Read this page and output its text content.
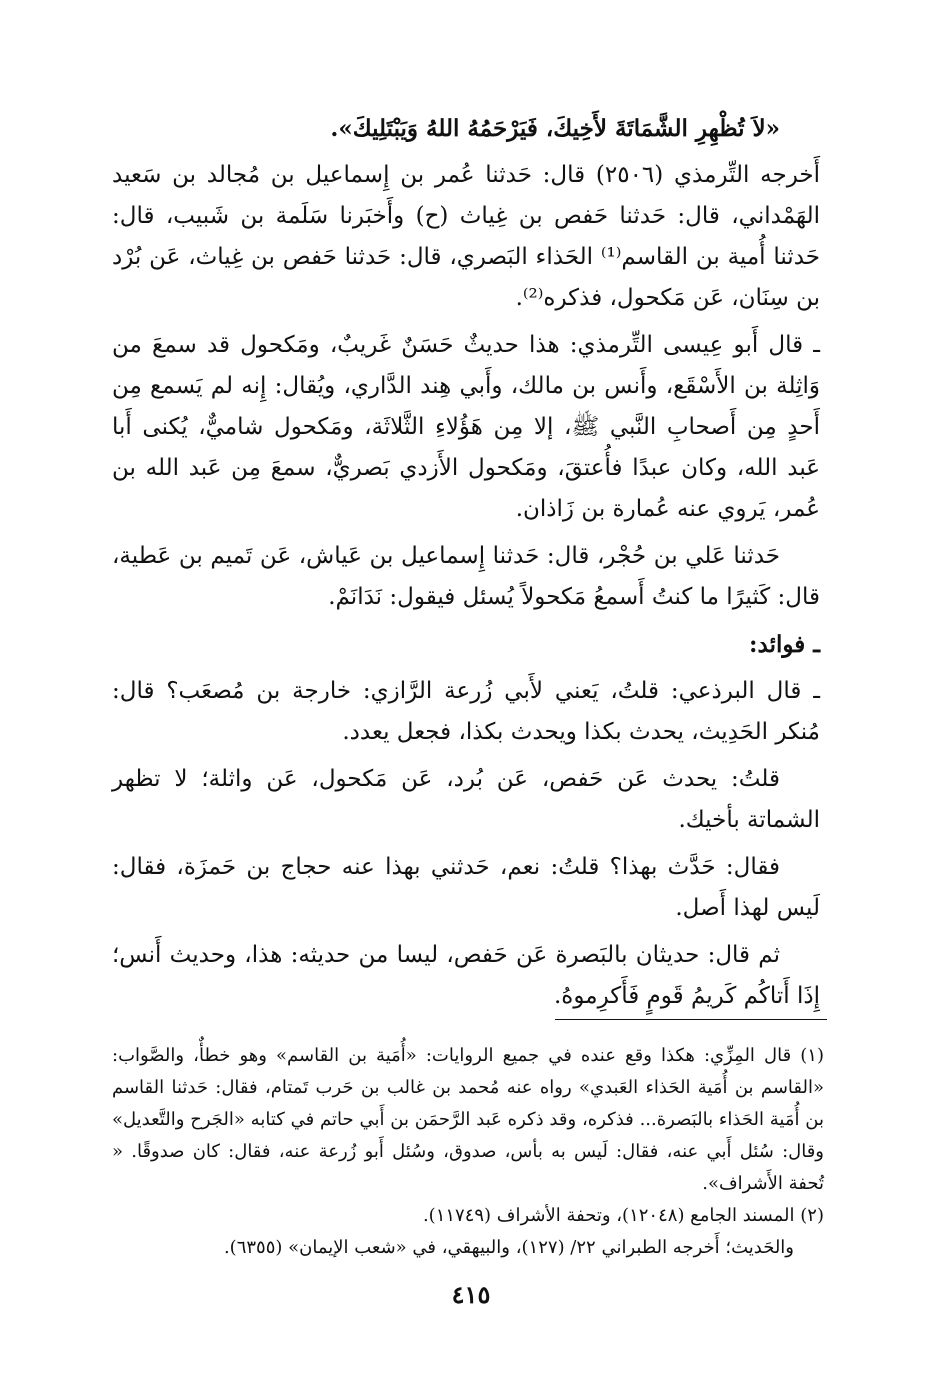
«لاَ تُظْهِرِ الشَّمَاتَةَ لأَخِيكَ، فَيَرْحَمُهُ اللهُ وَيَبْتَلِيكَ».

أَخرجه التِّرمذي (٢٥٠٦) قال: حَدثنا عُمر بن إِسماعيل بن مُجالد بن سَعيد الهَمْداني، قال: حَدثنا حَفص بن غِياث (ح) وأَخبَرنا سَلَمة بن شَبيب، قال: حَدثنا أُمية بن القاسم⁽¹⁾ الحَذاء البَصري، قال: حَدثنا حَفص بن غِياث، عَن بُرْد بن سِنَان، عَن مَكحول، فذكره⁽²⁾.

ـ قال أَبو عِيسى التِّرمذي: هذا حديثٌ حَسَنٌ غَريبٌ، ومَكحول قد سمعَ من وَاثِلة بن الأَسْقَع، وأَنس بن مالك، وأَبي هِند الدَّاري، ويُقال: إِنه لم يَسمع مِن أَحدٍ مِن أَصحابِ النَّبي ﷺ، إلا مِن هَؤُلاءِ الثَّلاثَة، ومَكحول شاميٌّ، يُكنى أَبا عَبد الله، وكان عبدًا فأُعتقَ، ومَكحول الأَزدي بَصريٌّ، سمعَ مِن عَبد الله بن عُمر، يَروي عنه عُمارة بن زَاذان.

حَدثنا عَلي بن حُجْر، قال: حَدثنا إِسماعيل بن عَياش، عَن تَميم بن عَطية، قال: كَثيرًا ما كنتُ أَسمعُ مَكحولاً يُسئل فيقول: نَدَانَمْ.

ـ فوائد:

ـ قال البرذعي: قلتُ، يَعني لأَبي زُرعة الرَّازي: خارجة بن مُصعَب؟ قال: مُنكر الحَدِيث، يحدث بكذا ويحدث بكذا، فجعل يعدد.

قلتُ: يحدث عَن حَفص، عَن بُرد، عَن مَكحول، عَن واثلة؛ لا تظهر الشماتة بأخيك.

فقال: حَدَّث بهذا؟ قلتُ: نعم، حَدثني بهذا عنه حجاج بن حَمزَة، فقال: لَيس لهذا أَصل.

ثم قال: حديثان بالبَصرة عَن حَفص، ليسا من حديثه: هذا، وحديث أَنس؛ إِذَا أَتاكُم كَريمُ قَومٍ فَأَكرِموهُ.

(١) قال المِزِّي: هكذا وقع عنده في جميع الروايات: «أُمَية بن القاسم» وهو خطأٌ، والصَّواب: «القاسم بن أُمَية الحَذاء العَبدي» رواه عنه مُحمد بن غالب بن حَرب تَمتام، فقال: حَدثنا القاسم بن أُمَية الحَذاء بالبَصرة... فذكره، وقد ذكره عَبد الرَّحمَن بن أَبي حاتم في كتابه «الجَرح والتَّعديل» وقال: سُئل أَبي عنه، فقال: لَيس به بأس، صدوق، وسُئل أَبو زُرعة عنه، فقال: كان صدوقًا. « تُحفة الأَشراف».

(٢) المسند الجامع (١٢٠٤٨)، وتحفة الأشراف (١١٧٤٩).

والحَديث؛ أَخرجه الطبراني ٢٢/ (١٢٧)، والبيهقي، في «شعب الإيمان» (٦٣٥٥).

٤١٥
